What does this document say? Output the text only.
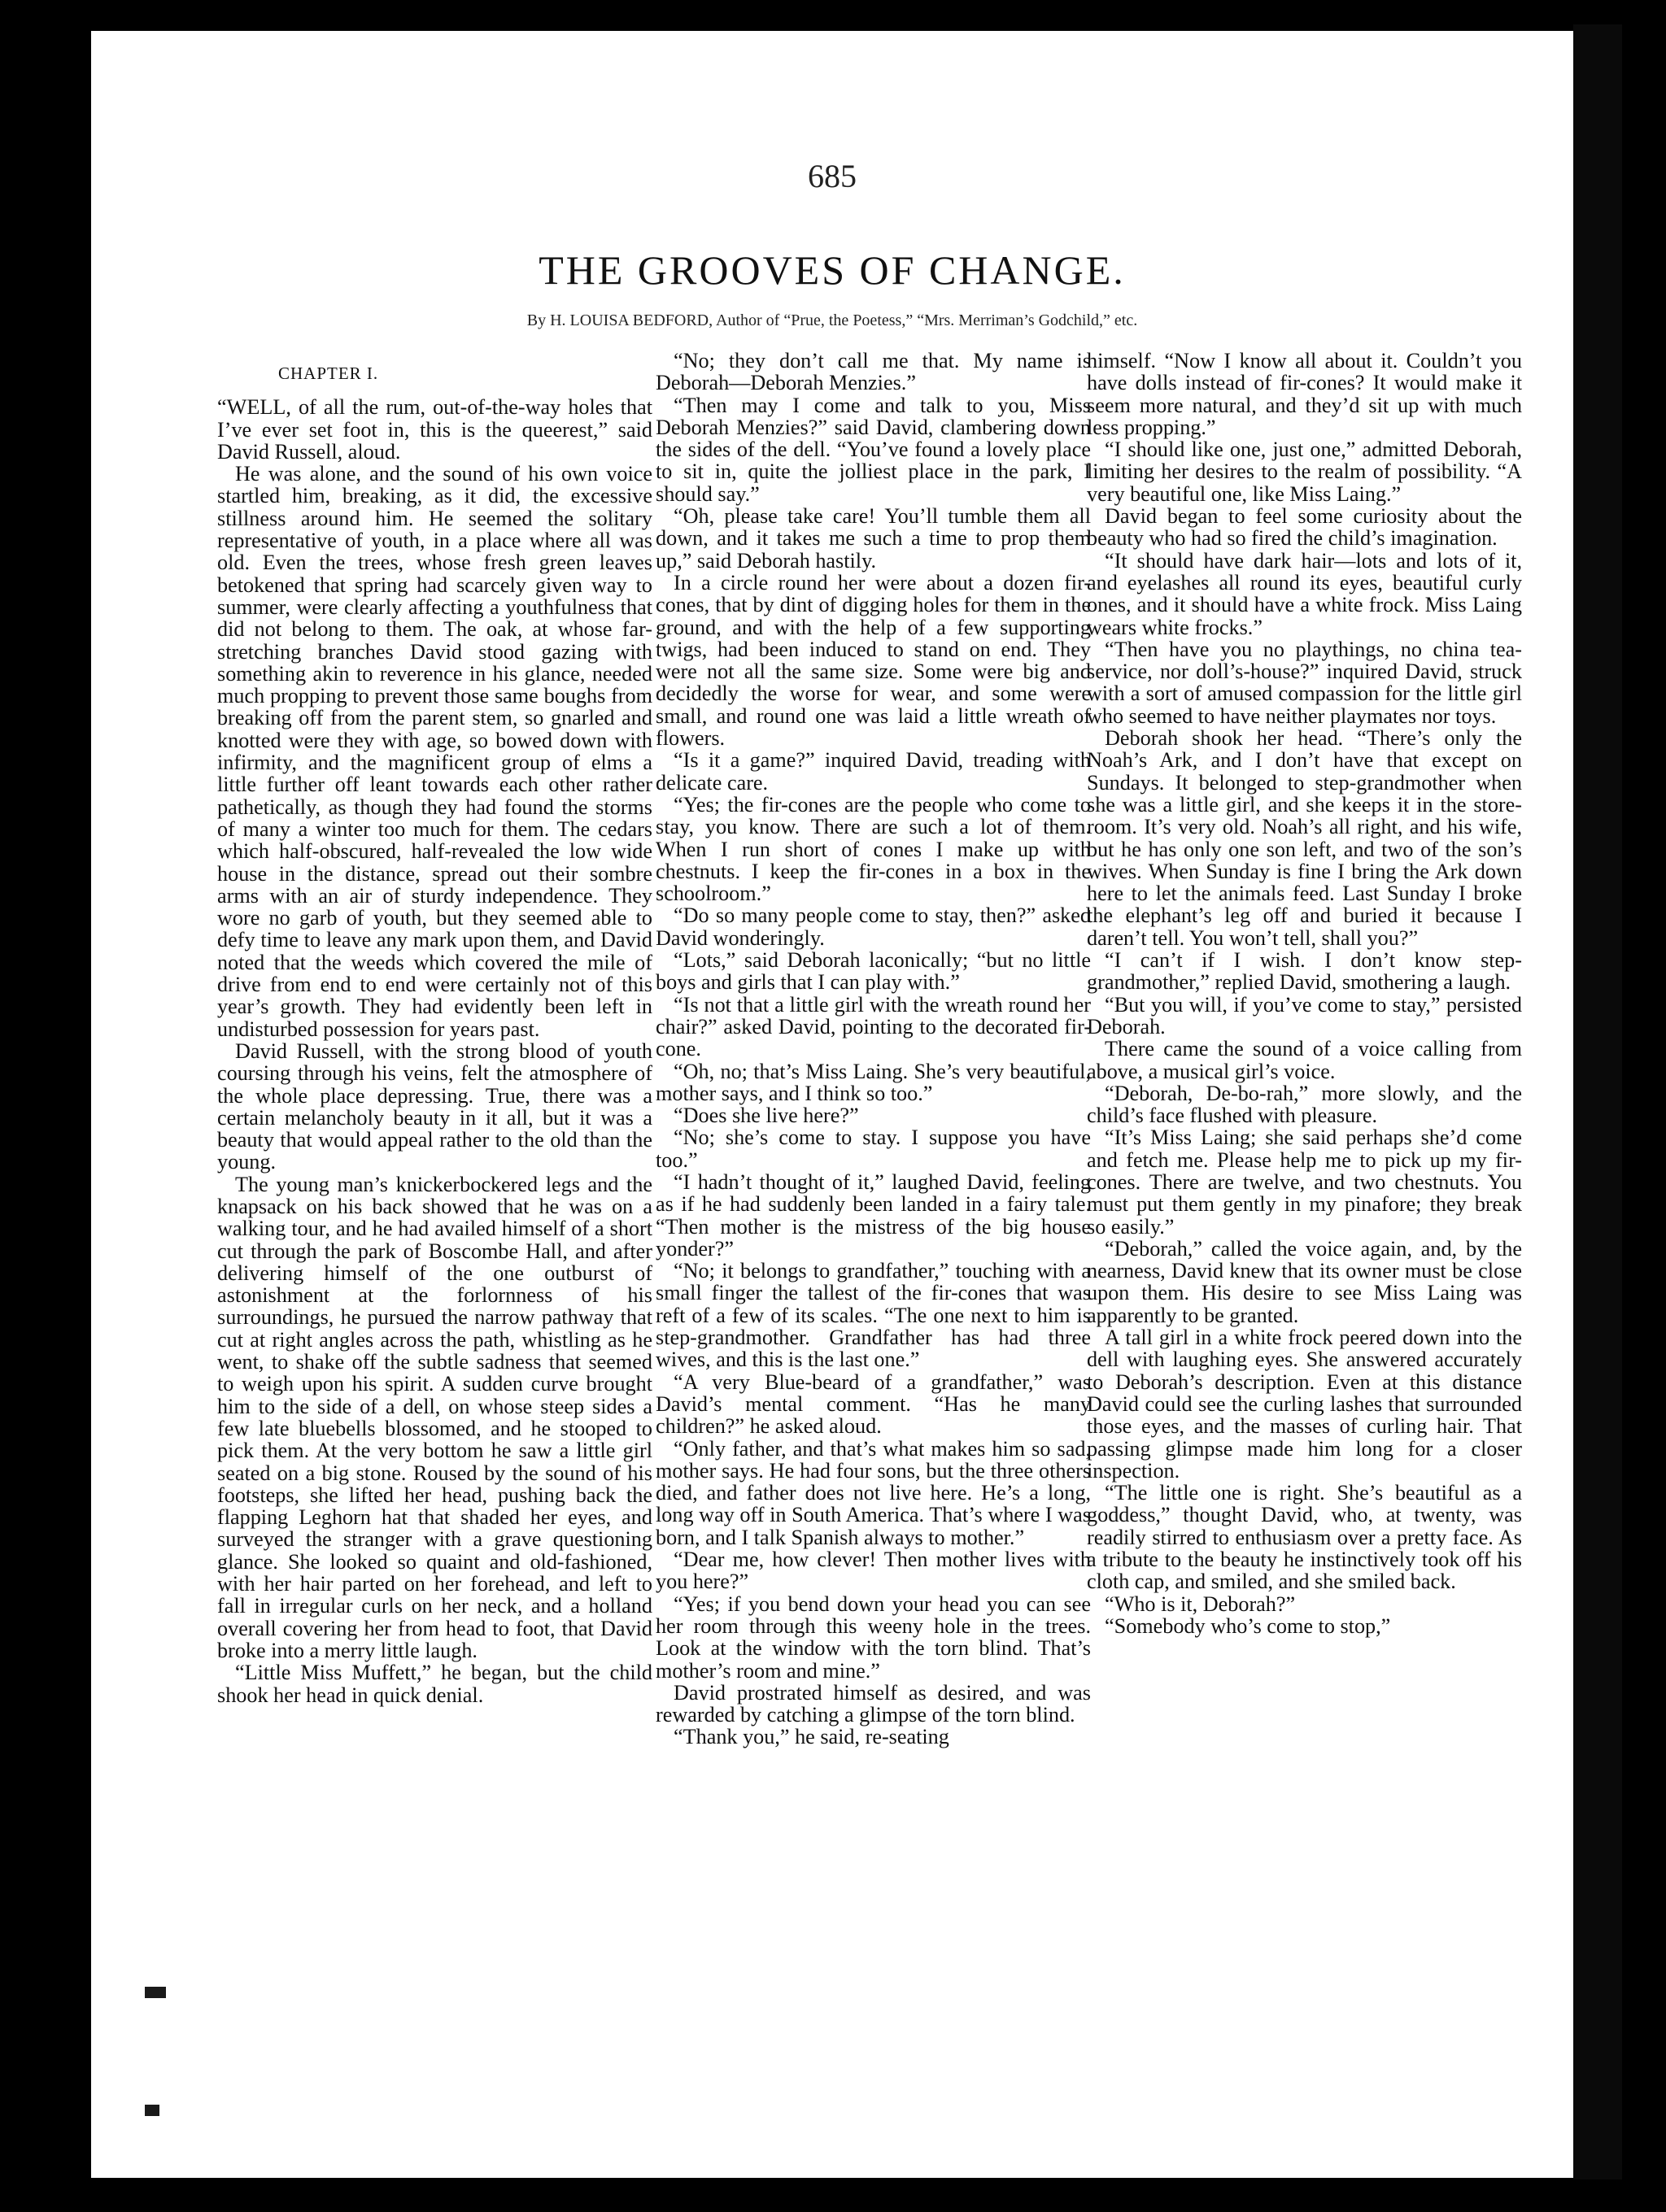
685
THE GROOVES OF CHANGE.
By H. LOUISA BEDFORD, Author of “Prue, the Poetess,” “Mrs. Merriman’s Godchild,” etc.

CHAPTER I.

“WELL, of all the rum, out-of-the-way holes that I’ve ever set foot in, this is the queerest,” said David Russell, aloud.

He was alone, and the sound of his own voice startled him, breaking, as it did, the excessive stillness around him. He seemed the solitary representative of youth, in a place where all was old. Even the trees, whose fresh green leaves betokened that spring had scarcely given way to summer, were clearly affecting a youthfulness that did not belong to them. The oak, at whose far-stretching branches David stood gazing with something akin to reverence in his glance, needed much propping to prevent those same boughs from breaking off from the parent stem, so gnarled and knotted were they with age, so bowed down with infirmity, and the magnificent group of elms a little further off leant towards each other rather pathetically, as though they had found the storms of many a winter too much for them. The cedars which half-obscured, half-revealed the low wide house in the distance, spread out their sombre arms with an air of sturdy independence. They wore no garb of youth, but they seemed able to defy time to leave any mark upon them, and David noted that the weeds which covered the mile of drive from end to end were certainly not of this year’s growth. They had evidently been left in undisturbed possession for years past.

David Russell, with the strong blood of youth coursing through his veins, felt the atmosphere of the whole place depressing. True, there was a certain melancholy beauty in it all, but it was a beauty that would appeal rather to the old than the young.

The young man’s knickerbockered legs and the knapsack on his back showed that he was on a walking tour, and he had availed himself of a short cut through the park of Boscombe Hall, and after delivering himself of the one outburst of astonishment at the forlornness of his surroundings, he pursued the narrow pathway that cut at right angles across the path, whistling as he went, to shake off the subtle sadness that seemed to weigh upon his spirit. A sudden curve brought him to the side of a dell, on whose steep sides a few late bluebells blossomed, and he stooped to pick them. At the very bottom he saw a little girl seated on a big stone. Roused by the sound of his footsteps, she lifted her head, pushing back the flapping Leghorn hat that shaded her eyes, and surveyed the stranger with a grave questioning glance. She looked so quaint and old-fashioned, with her hair parted on her forehead, and left to fall in irregular curls on her neck, and a holland overall covering her from head to foot, that David broke into a merry little laugh.

“Little Miss Muffett,” he began, but the child shook her head in quick denial.

“No; they don’t call me that. My name is Deborah—Deborah Menzies.”

“Then may I come and talk to you, Miss Deborah Menzies?” said David, clambering down the sides of the dell. “You’ve found a lovely place to sit in, quite the jolliest place in the park, I should say.”

“Oh, please take care! You’ll tumble them all down, and it takes me such a time to prop them up,” said Deborah hastily.

In a circle round her were about a dozen fir-cones, that by dint of digging holes for them in the ground, and with the help of a few supporting twigs, had been induced to stand on end. They were not all the same size. Some were big and decidedly the worse for wear, and some were small, and round one was laid a little wreath of flowers.

“Is it a game?” inquired David, treading with delicate care.

“Yes; the fir-cones are the people who come to stay, you know. There are such a lot of them. When I run short of cones I make up with chestnuts. I keep the fir-cones in a box in the schoolroom.”

“Do so many people come to stay, then?” asked David wonderingly.

“Lots,” said Deborah laconically; “but no little boys and girls that I can play with.”

“Is not that a little girl with the wreath round her chair?” asked David, pointing to the decorated fir-cone.

“Oh, no; that’s Miss Laing. She’s very beautiful, mother says, and I think so too.”

“Does she live here?”

“No; she’s come to stay. I suppose you have too.”

“I hadn’t thought of it,” laughed David, feeling as if he had suddenly been landed in a fairy tale. “Then mother is the mistress of the big house yonder?”

“No; it belongs to grandfather,” touching with a small finger the tallest of the fir-cones that was reft of a few of its scales. “The one next to him is step-grandmother. Grandfather has had three wives, and this is the last one.”

“A very Blue-beard of a grandfather,” was David’s mental comment. “Has he many children?” he asked aloud.

“Only father, and that’s what makes him so sad, mother says. He had four sons, but the three others died, and father does not live here. He’s a long, long way off in South America. That’s where I was born, and I talk Spanish always to mother.”

“Dear me, how clever! Then mother lives with you here?”

“Yes; if you bend down your head you can see her room through this weeny hole in the trees. Look at the window with the torn blind. That’s mother’s room and mine.”

David prostrated himself as desired, and was rewarded by catching a glimpse of the torn blind.

“Thank you,” he said, re-seating

himself. “Now I know all about it. Couldn’t you have dolls instead of fir-cones? It would make it seem more natural, and they’d sit up with much less propping.”

“I should like one, just one,” admitted Deborah, limiting her desires to the realm of possibility. “A very beautiful one, like Miss Laing.”

David began to feel some curiosity about the beauty who had so fired the child’s imagination.

“It should have dark hair—lots and lots of it, and eyelashes all round its eyes, beautiful curly ones, and it should have a white frock. Miss Laing wears white frocks.”

“Then have you no playthings, no china tea-service, nor doll’s-house?” inquired David, struck with a sort of amused compassion for the little girl who seemed to have neither playmates nor toys.

Deborah shook her head. “There’s only the Noah’s Ark, and I don’t have that except on Sundays. It belonged to step-grandmother when she was a little girl, and she keeps it in the store-room. It’s very old. Noah’s all right, and his wife, but he has only one son left, and two of the son’s wives. When Sunday is fine I bring the Ark down here to let the animals feed. Last Sunday I broke the elephant’s leg off and buried it because I daren’t tell. You won’t tell, shall you?”

“I can’t if I wish. I don’t know step-grandmother,” replied David, smothering a laugh.

“But you will, if you’ve come to stay,” persisted Deborah.

There came the sound of a voice calling from above, a musical girl’s voice.

“Deborah, De-bo-rah,” more slowly, and the child’s face flushed with pleasure.

“It’s Miss Laing; she said perhaps she’d come and fetch me. Please help me to pick up my fir-cones. There are twelve, and two chestnuts. You must put them gently in my pinafore; they break so easily.”

“Deborah,” called the voice again, and, by the nearness, David knew that its owner must be close upon them. His desire to see Miss Laing was apparently to be granted.

A tall girl in a white frock peered down into the dell with laughing eyes. She answered accurately to Deborah’s description. Even at this distance David could see the curling lashes that surrounded those eyes, and the masses of curling hair. That passing glimpse made him long for a closer inspection.

“The little one is right. She’s beautiful as a goddess,” thought David, who, at twenty, was readily stirred to enthusiasm over a pretty face. As a tribute to the beauty he instinctively took off his cloth cap, and smiled, and she smiled back.

“Who is it, Deborah?”

“Somebody who’s come to stop,”
